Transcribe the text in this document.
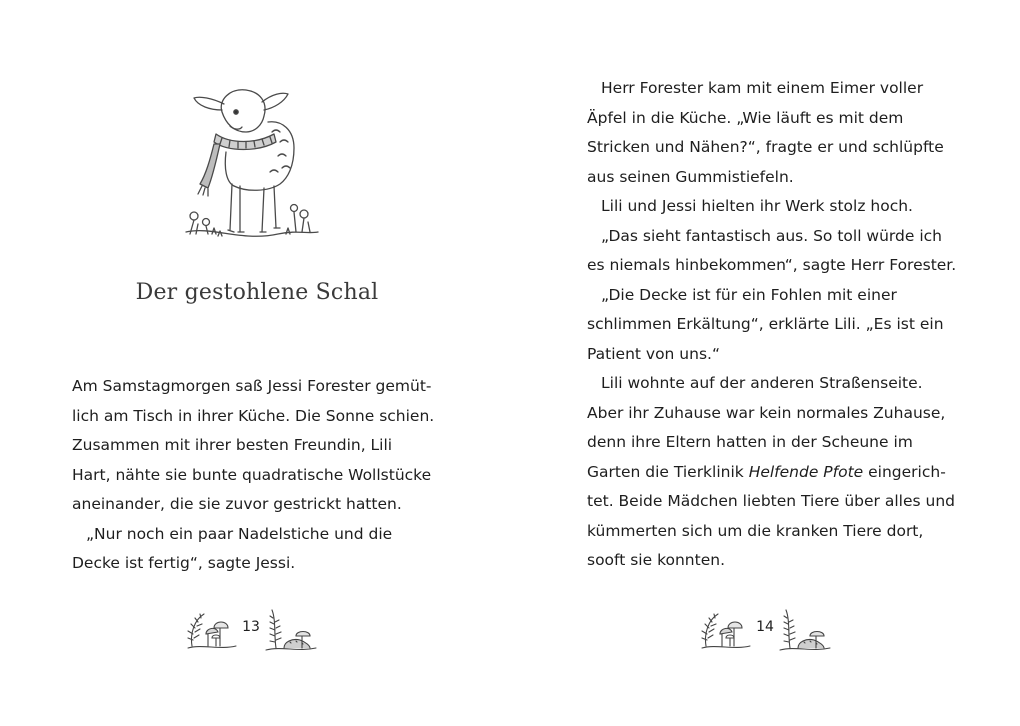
Der gestohlene Schal
Am Samstagmorgen saß Jessi Forester gemüt-
lich am Tisch in ihrer Küche. Die Sonne schien.
Zusammen mit ihrer besten Freundin, Lili
Hart, nähte sie bunte quadratische Wollstücke
aneinander, die sie zuvor gestrickt hatten.
„Nur noch ein paar Nadelstiche und die
Decke ist fertig“, sagte Jessi.
13
Herr Forester kam mit einem Eimer voller
Äpfel in die Küche. „Wie läuft es mit dem
Stricken und Nähen?“, fragte er und schlüpfte
aus seinen Gummistiefeln.
Lili und Jessi hielten ihr Werk stolz hoch.
„Das sieht fantastisch aus. So toll würde ich
es niemals hinbekommen“, sagte Herr Forester.
„Die Decke ist für ein Fohlen mit einer
schlimmen Erkältung“, erklärte Lili. „Es ist ein
Patient von uns.“
Lili wohnte auf der anderen Straßenseite.
Aber ihr Zuhause war kein normales Zuhause,
denn ihre Eltern hatten in der Scheune im
Garten die Tierklinik Helfende Pfote eingerich-
tet. Beide Mädchen liebten Tiere über alles und
kümmerten sich um die kranken Tiere dort,
sooft sie konnten.
14
